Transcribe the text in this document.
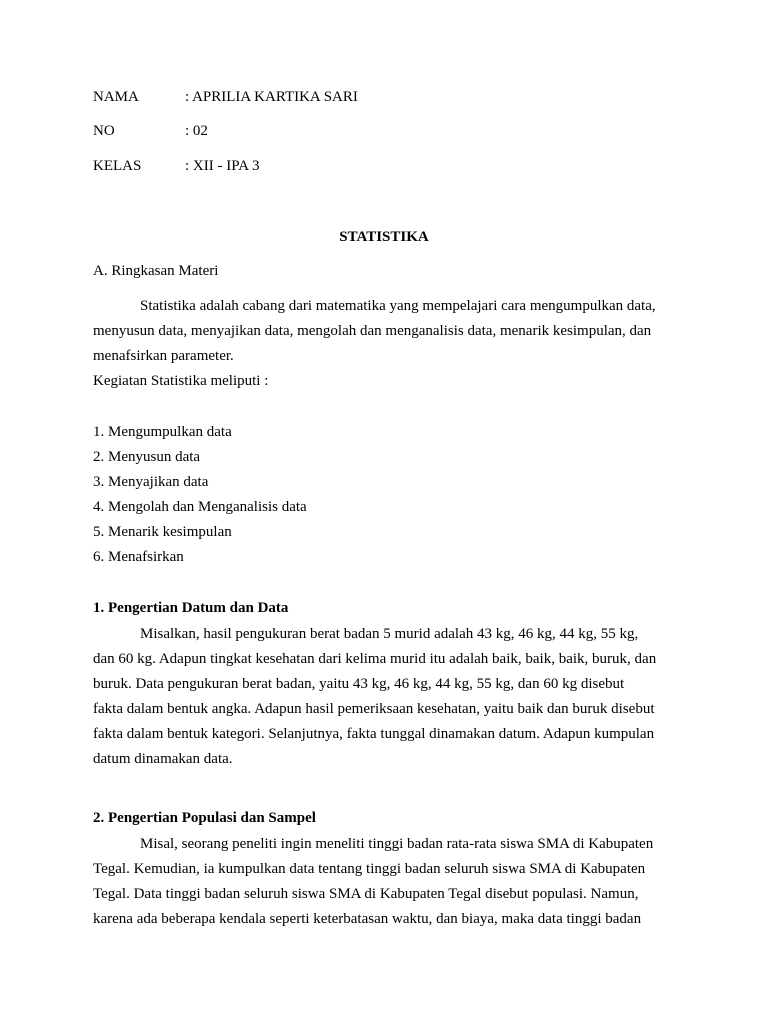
NAMA	: APRILIA KARTIKA SARI
NO	: 02
KELAS	: XII - IPA 3
STATISTIKA
A. Ringkasan Materi
Statistika adalah cabang dari matematika yang mempelajari cara mengumpulkan data,
menyusun data, menyajikan data, mengolah dan menganalisis data, menarik kesimpulan, dan
menafsirkan parameter.
Kegiatan Statistika meliputi :
1. Mengumpulkan data
2. Menyusun data
3. Menyajikan data
4. Mengolah dan Menganalisis data
5. Menarik kesimpulan
6. Menafsirkan
1. Pengertian Datum dan Data
Misalkan, hasil pengukuran berat badan 5 murid adalah 43 kg, 46 kg, 44 kg, 55 kg,
dan 60 kg. Adapun tingkat kesehatan dari kelima murid itu adalah baik, baik, baik, buruk, dan
buruk. Data pengukuran berat badan, yaitu 43 kg, 46 kg, 44 kg, 55 kg, dan 60 kg disebut
fakta dalam bentuk angka. Adapun hasil pemeriksaan kesehatan, yaitu baik dan buruk disebut
fakta dalam bentuk kategori. Selanjutnya, fakta tunggal dinamakan datum. Adapun kumpulan
datum dinamakan data.
2. Pengertian Populasi dan Sampel
Misal, seorang peneliti ingin meneliti tinggi badan rata-rata siswa SMA di Kabupaten
Tegal. Kemudian, ia kumpulkan data tentang tinggi badan seluruh siswa SMA di Kabupaten
Tegal. Data tinggi badan seluruh siswa SMA di Kabupaten Tegal disebut populasi. Namun,
karena ada beberapa kendala seperti keterbatasan waktu, dan biaya, maka data tinggi badan
